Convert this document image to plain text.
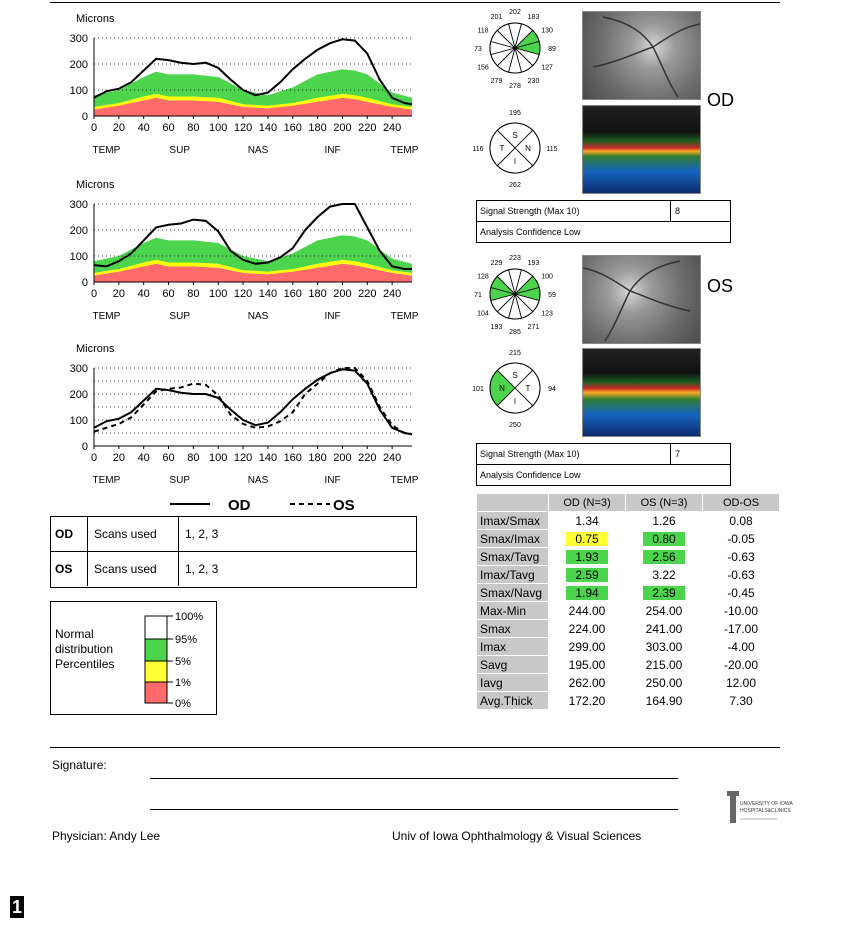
Microns
0
100
200
300
0 20 40 60 80 100 120 140 160 180 200 220 240
TEMP	SUP	NAS	INF	TEMP
Microns
0
100
200
300
0 20 40 60 80 100 120 140 160 180 200 220 240
TEMP	SUP	NAS	INF	TEMP
Microns
0
100
200
300
0 20 40 60 80 100 120 140 160 180 200 220 240
TEMP	SUP	NAS	INF	TEMP
OD	OS
OD	Scans used	1, 2, 3
OS	Scans used	1, 2, 3
Normal
distribution
Percentiles
100%
95%
5%
1%
0%
202
183
130
89
127
230
278
279
156
73
118
201
S
195
N 115
I
262
T
116
OD
Signal Strength (Max 10)	8
Analysis Confidence Low
223
193
100
59
123
271
285
193
104
71
128
229
S
215
T	94
I
250
N
101
OS
Signal Strength (Max 10)	7
Analysis Confidence Low
	OD (N=3)	OS (N=3)	OD-OS
Imax/Smax	1.34	1.26	0.08
Smax/Imax	0.75	0.80	-0.05
Smax/Tavg	1.93	2.56	-0.63
Imax/Tavg	2.59	3.22	-0.63
Smax/Navg	1.94	2.39	-0.45
Max-Min	244.00	254.00	-10.00
Smax	224.00	241.00	-17.00
Imax	299.00	303.00	-4.00
Savg	195.00	215.00	-20.00
Iavg	262.00	250.00	12.00
Avg.Thick	172.20	164.90	7.30
Signature:
Physician: Andy Lee	Univ of Iowa Ophthalmology & Visual Sciences
UNIVERSITY OF IOWA
HOSPITALS&CLINICS
1
